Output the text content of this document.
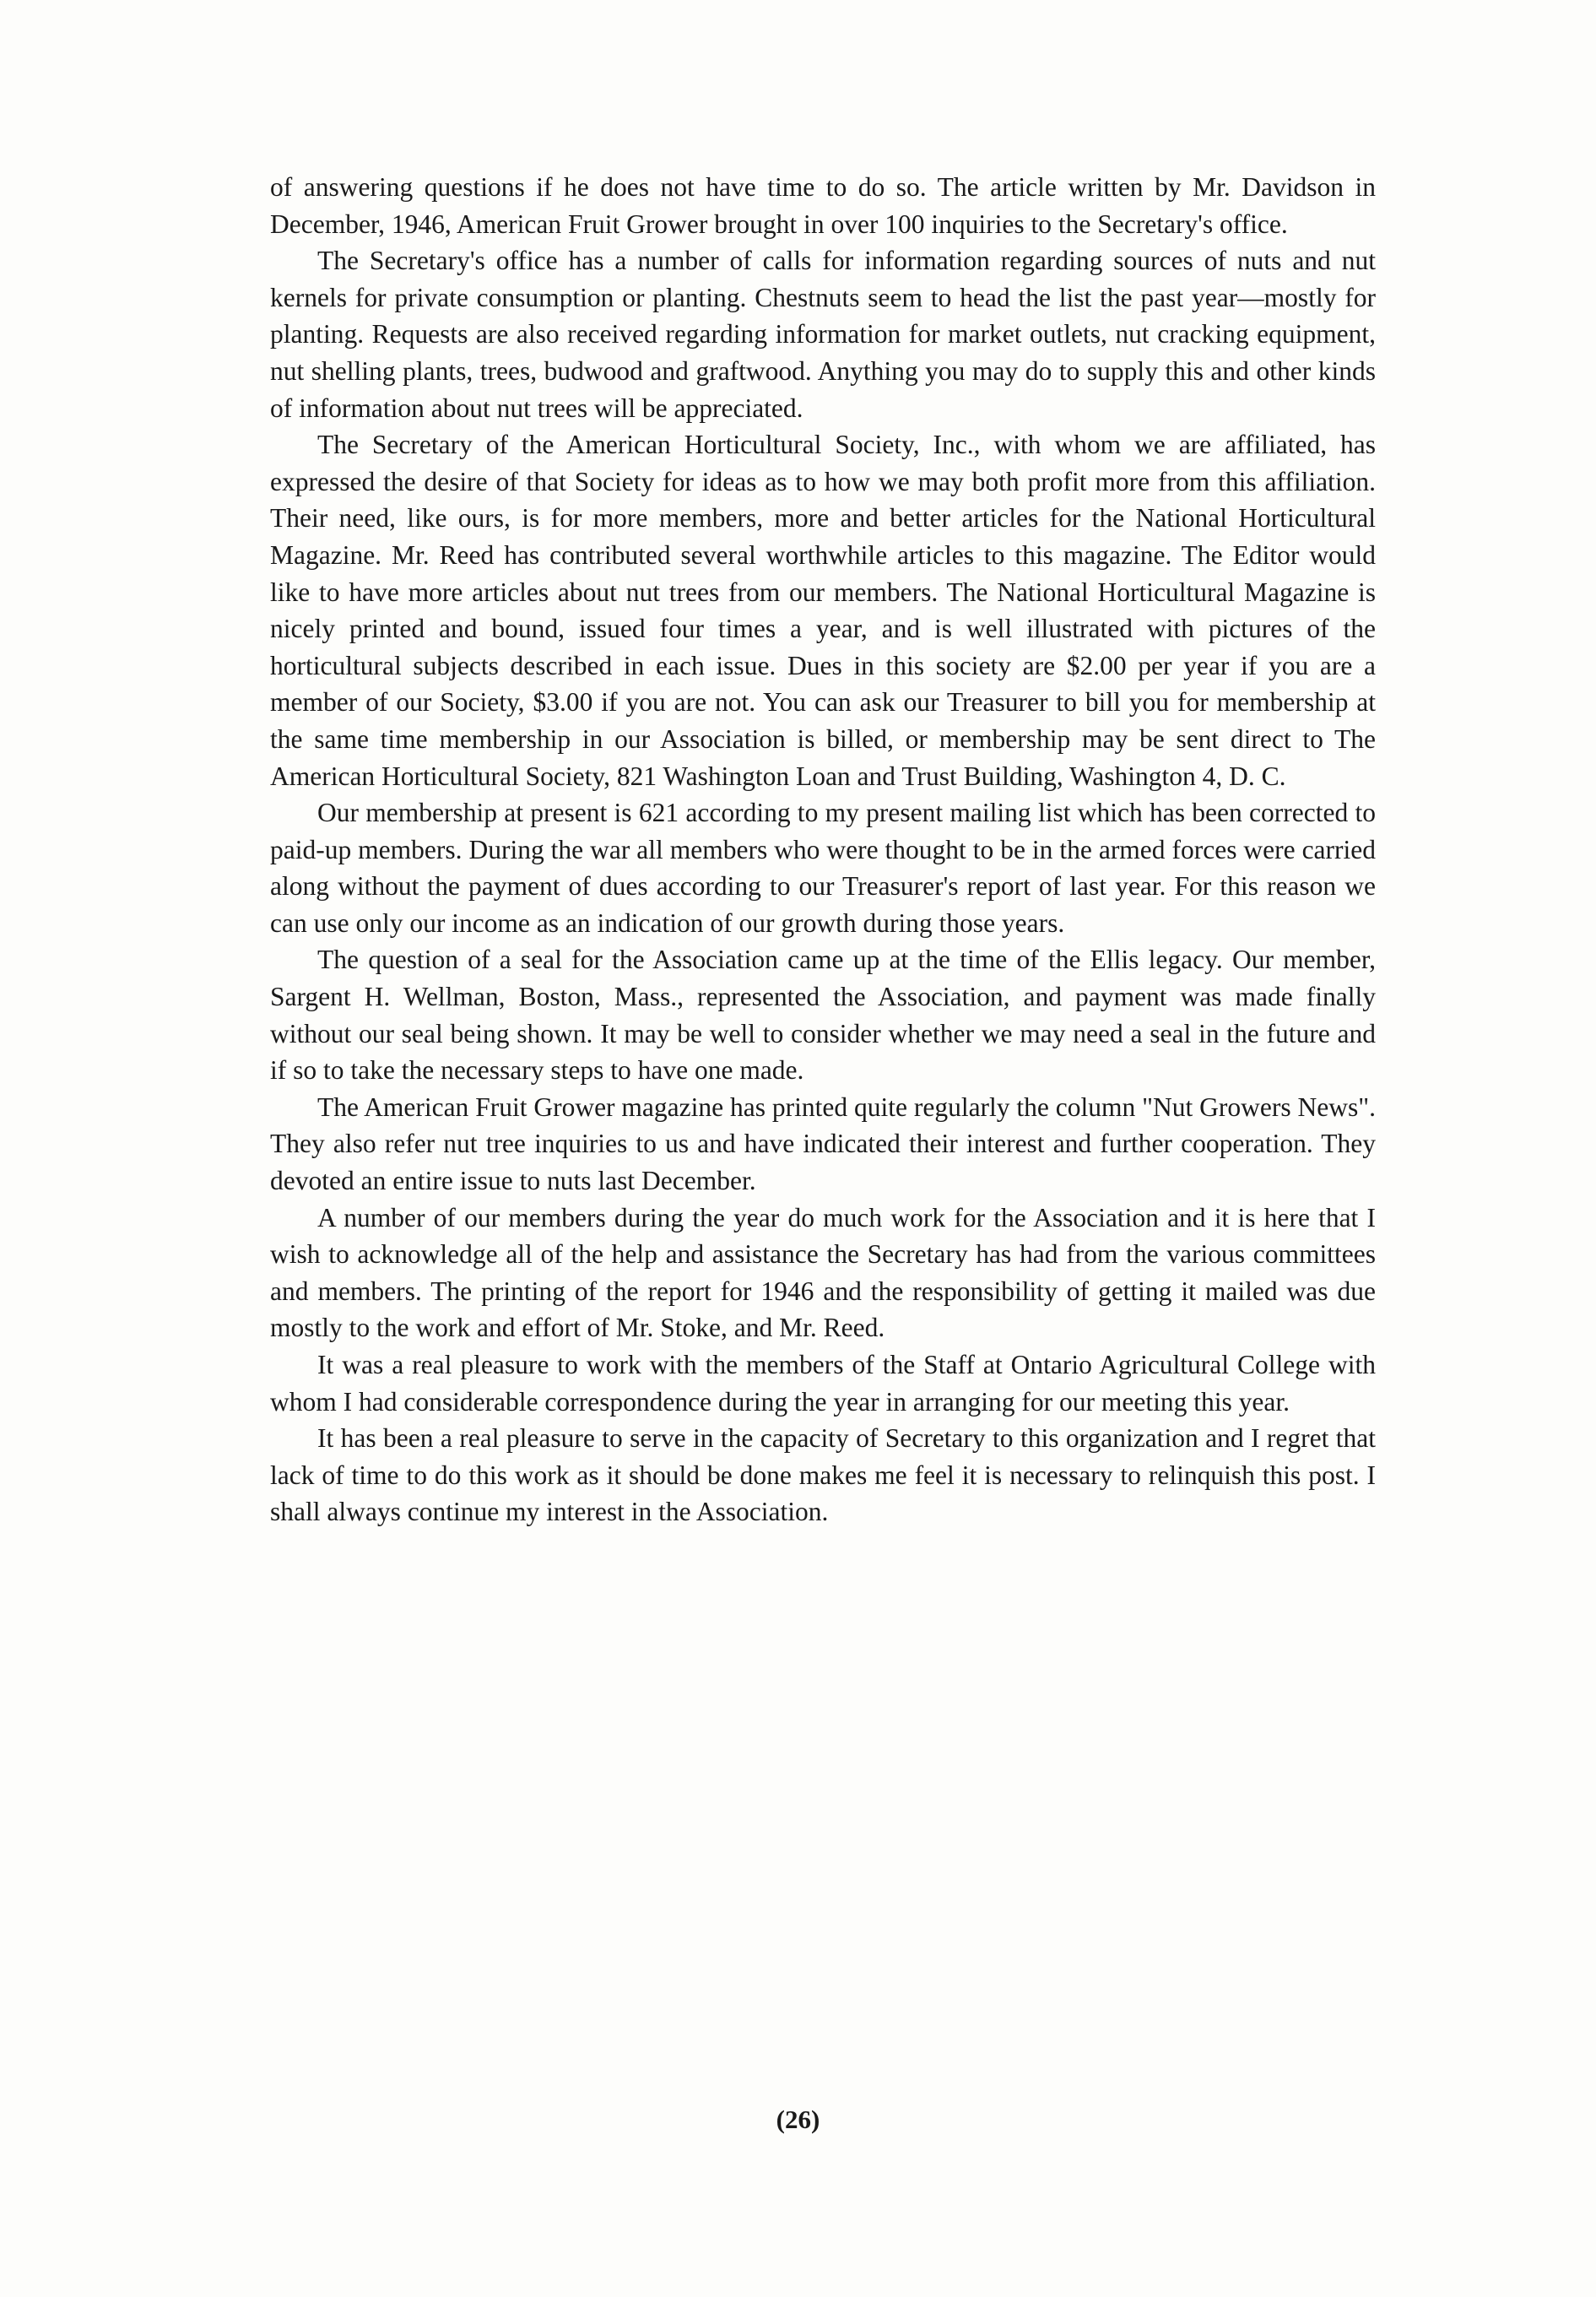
of answering questions if he does not have time to do so. The article written by Mr. Davidson in December, 1946, American Fruit Grower brought in over 100 inquiries to the Secretary's office.

The Secretary's office has a number of calls for information regarding sources of nuts and nut kernels for private consumption or planting. Chestnuts seem to head the list the past year—mostly for planting. Requests are also received regarding information for market outlets, nut cracking equipment, nut shelling plants, trees, budwood and graftwood. Anything you may do to supply this and other kinds of information about nut trees will be appreciated.

The Secretary of the American Horticultural Society, Inc., with whom we are affiliated, has expressed the desire of that Society for ideas as to how we may both profit more from this affiliation. Their need, like ours, is for more members, more and better articles for the National Horticultural Magazine. Mr. Reed has contributed several worthwhile articles to this magazine. The Editor would like to have more articles about nut trees from our members. The National Horticultural Magazine is nicely printed and bound, issued four times a year, and is well illustrated with pictures of the horticultural subjects described in each issue. Dues in this society are $2.00 per year if you are a member of our Society, $3.00 if you are not. You can ask our Treasurer to bill you for membership at the same time membership in our Association is billed, or membership may be sent direct to The American Horticultural Society, 821 Washington Loan and Trust Building, Washington 4, D. C.

Our membership at present is 621 according to my present mailing list which has been corrected to paid-up members. During the war all members who were thought to be in the armed forces were carried along without the payment of dues according to our Treasurer's report of last year. For this reason we can use only our income as an indication of our growth during those years.

The question of a seal for the Association came up at the time of the Ellis legacy. Our member, Sargent H. Wellman, Boston, Mass., represented the Association, and payment was made finally without our seal being shown. It may be well to consider whether we may need a seal in the future and if so to take the necessary steps to have one made.

The American Fruit Grower magazine has printed quite regularly the column "Nut Growers News". They also refer nut tree inquiries to us and have indicated their interest and further cooperation. They devoted an entire issue to nuts last December.

A number of our members during the year do much work for the Association and it is here that I wish to acknowledge all of the help and assistance the Secretary has had from the various committees and members. The printing of the report for 1946 and the responsibility of getting it mailed was due mostly to the work and effort of Mr. Stoke, and Mr. Reed.

It was a real pleasure to work with the members of the Staff at Ontario Agricultural College with whom I had considerable correspondence during the year in arranging for our meeting this year.

It has been a real pleasure to serve in the capacity of Secretary to this organization and I regret that lack of time to do this work as it should be done makes me feel it is necessary to relinquish this post. I shall always continue my interest in the Association.

(26)
